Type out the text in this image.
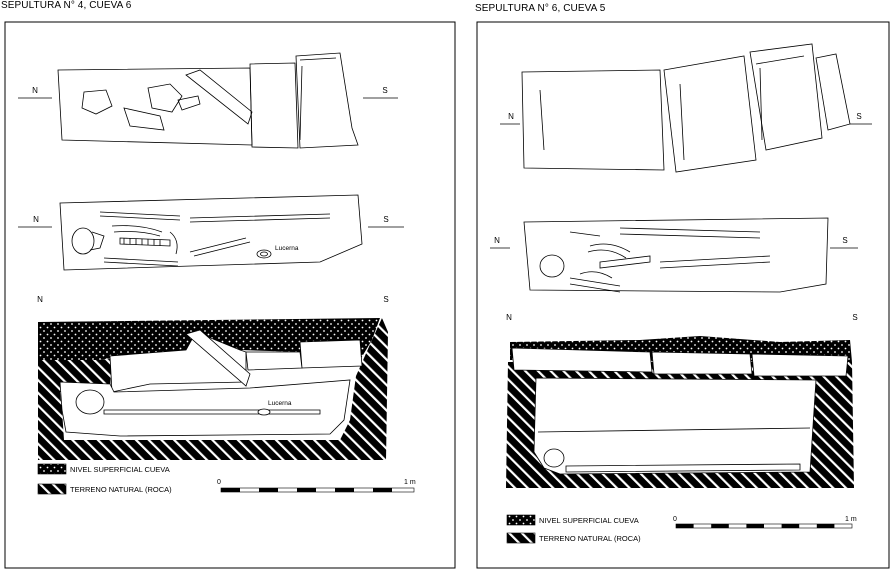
SEPULTURA N° 4, CUEVA 6	SEPULTURA N° 6, CUEVA 5
N	S
N	S
Lucerna
N	S
Lucerna
NIVEL SUPERFICIAL CUEVA
TERRENO NATURAL (ROCA)
0	1 m
N	S
N	S
N	S
NIVEL SUPERFICIAL CUEVA
TERRENO NATURAL (ROCA)
0	1 m
